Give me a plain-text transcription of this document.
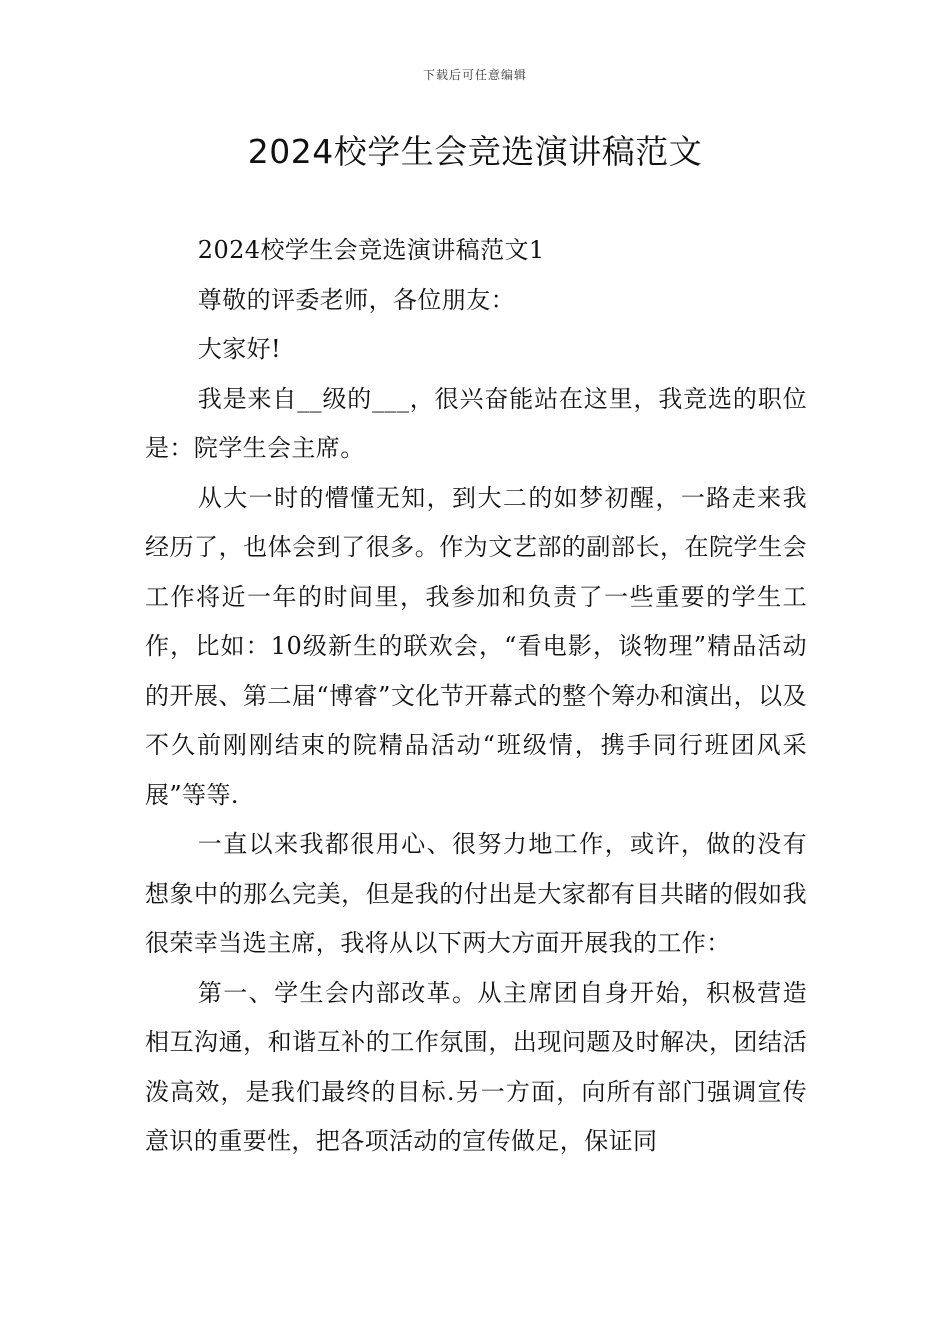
下载后可任意编辑
2024校学生会竞选演讲稿范文

2024校学生会竞选演讲稿范文1

尊敬的评委老师，各位朋友：

大家好!

我是来自__级的___，很兴奋能站在这里，我竞选的职位是：院学生会主席。

从大一时的懵懂无知，到大二的如梦初醒，一路走来我经历了，也体会到了很多。作为文艺部的副部长，在院学生会工作将近一年的时间里，我参加和负责了一些重要的学生工作，比如：10级新生的联欢会，“看电影，谈物理”精品活动的开展、第二届“博睿”文化节开幕式的整个筹办和演出，以及不久前刚刚结束的院精品活动“班级情，携手同行班团风采展”等等.

一直以来我都很用心、很努力地工作，或许，做的没有想象中的那么完美，但是我的付出是大家都有目共睹的假如我很荣幸当选主席，我将从以下两大方面开展我的工作：

第一、学生会内部改革。从主席团自身开始，积极营造相互沟通，和谐互补的工作氛围，出现问题及时解决，团结活泼高效，是我们最终的目标.另一方面，向所有部门强调宣传意识的重要性，把各项活动的宣传做足，保证同
